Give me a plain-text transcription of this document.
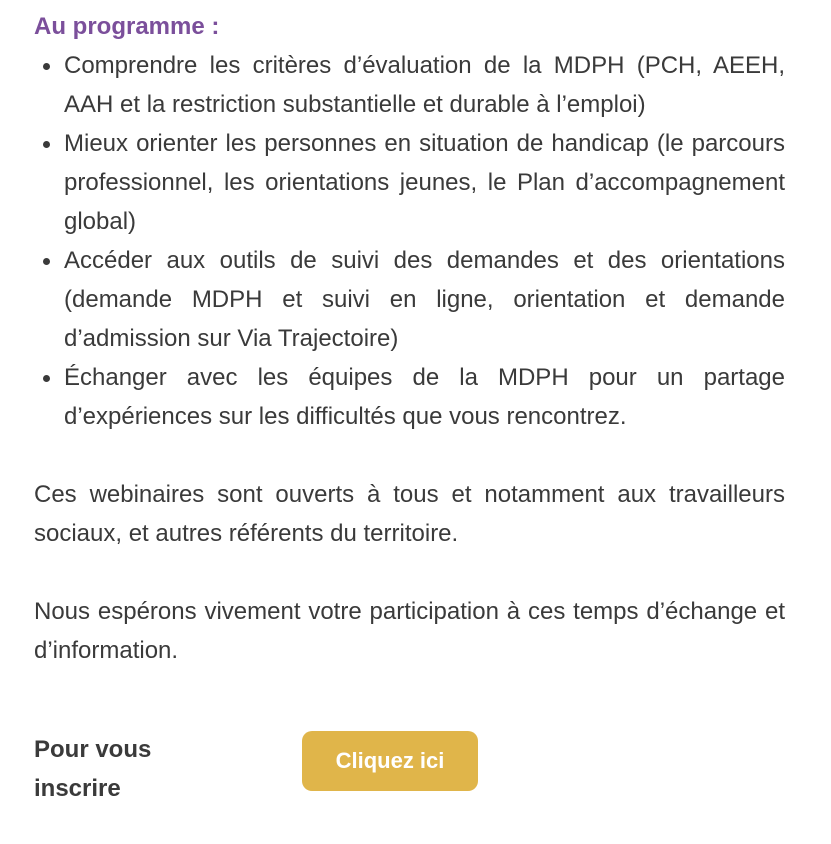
Au programme :
Comprendre les critères d’évaluation de la MDPH (PCH, AEEH, AAH et la restriction substantielle et durable à l’emploi)
Mieux orienter les personnes en situation de handicap (le parcours professionnel, les orientations jeunes, le Plan d’accompagnement global)
Accéder aux outils de suivi des demandes et des orientations (demande MDPH et suivi en ligne, orientation et demande d’admission sur Via Trajectoire)
Échanger avec les équipes de la MDPH pour un partage d’expériences sur les difficultés que vous rencontrez.

Ces webinaires sont ouverts à tous et notamment aux travailleurs sociaux, et autres référents du territoire.

Nous espérons vivement votre participation à ces temps d’échange et d’information.

Pour vous inscrire
Cliquez ici
